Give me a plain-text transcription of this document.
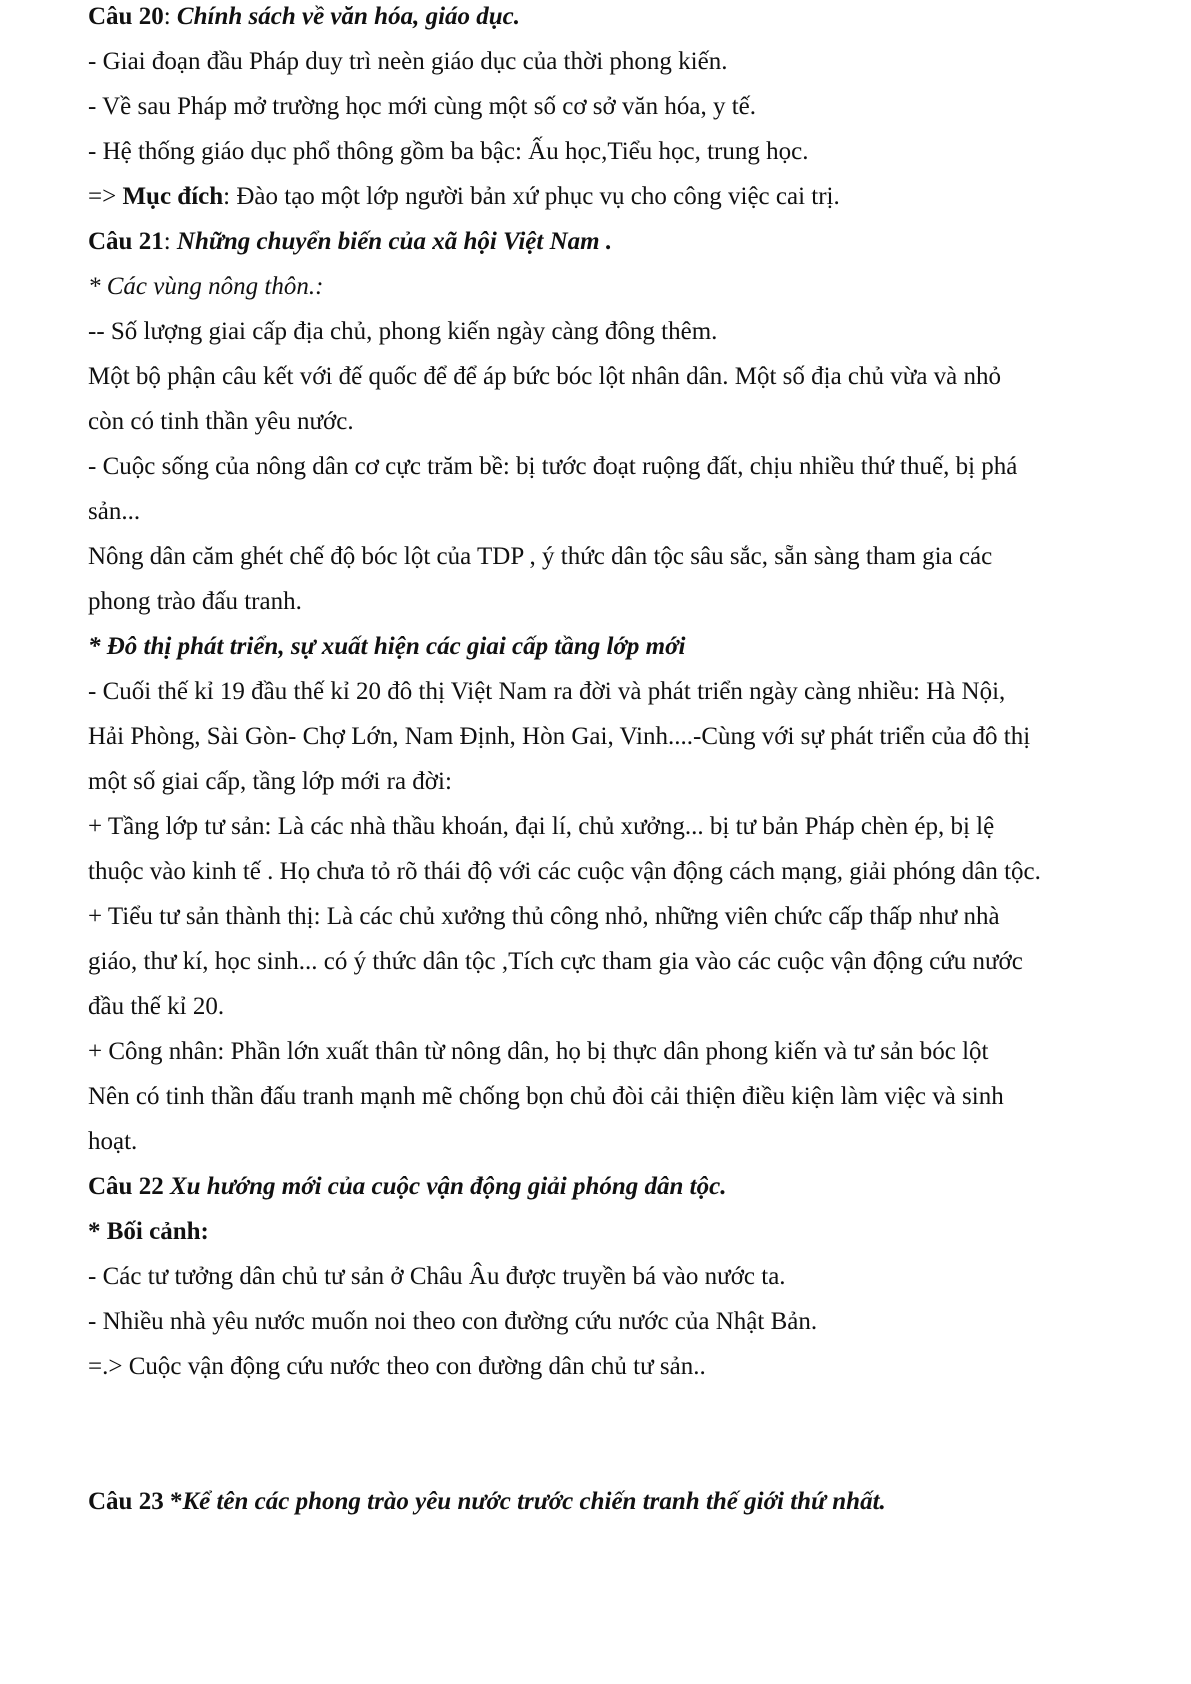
Câu 20: Chính sách về văn hóa, giáo dục.
- Giai đoạn đầu Pháp duy trì neèn giáo dục của thời phong kiến.
- Về sau Pháp mở trường học mới cùng một số cơ sở văn hóa, y tế.
- Hệ thống giáo dục phổ thông gồm ba bậc: Ấu học,Tiểu học, trung học.
=> Mục đích: Đào tạo một lớp người bản xứ phục vụ cho công việc cai trị.
Câu 21: Những chuyển biến của xã hội Việt Nam .
* Các vùng nông thôn.:
-- Số lượng giai cấp địa chủ, phong kiến ngày càng đông thêm.
Một bộ phận câu kết với đế quốc để để áp bức bóc lột nhân dân. Một số địa chủ vừa và nhỏ
còn có tinh thần yêu nước.
- Cuộc sống của nông dân cơ cực trăm bề: bị tước đoạt ruộng đất, chịu nhiều thứ thuế, bị phá
sản...
Nông dân căm ghét chế độ bóc lột của TDP , ý thức dân tộc sâu sắc, sẵn sàng tham gia các
phong trào đấu tranh.
* Đô thị phát triển, sự xuất hiện các giai cấp tầng lớp mới
- Cuối thế kỉ 19 đầu thế kỉ 20 đô thị Việt Nam ra đời và phát triển ngày càng nhiều: Hà Nội,
Hải Phòng, Sài Gòn- Chợ Lớn, Nam Định, Hòn Gai, Vinh....-Cùng với sự phát triển của đô thị
một số giai cấp, tầng lớp mới ra đời:
+ Tầng lớp tư sản: Là các nhà thầu khoán, đại lí, chủ xưởng... bị tư bản Pháp chèn ép, bị lệ
thuộc vào kinh tế . Họ chưa tỏ rõ thái độ với các cuộc vận động cách mạng, giải phóng dân tộc.
+ Tiểu tư sản thành thị: Là các chủ xưởng thủ công nhỏ, những viên chức cấp thấp như nhà
giáo, thư kí, học sinh... có ý thức dân tộc ,Tích cực tham gia vào các cuộc vận động cứu nước
đầu thế kỉ 20.
+ Công nhân: Phần lớn xuất thân từ nông dân, họ bị thực dân phong kiến và tư sản bóc lột
Nên có tinh thần đấu tranh mạnh mẽ chống bọn chủ đòi cải thiện điều kiện làm việc và sinh
hoạt.
Câu 22 Xu hướng mới của cuộc vận động giải phóng dân tộc.
* Bối cảnh:
- Các tư tưởng dân chủ tư sản ở Châu Âu được truyền bá vào nước ta.
- Nhiều nhà yêu nước muốn noi theo con đường cứu nước của Nhật Bản.
=.> Cuộc vận động cứu nước theo con đường dân chủ tư sản..
Câu 23 *Kể tên các phong trào yêu nước trước chiến tranh thế giới thứ nhất.
